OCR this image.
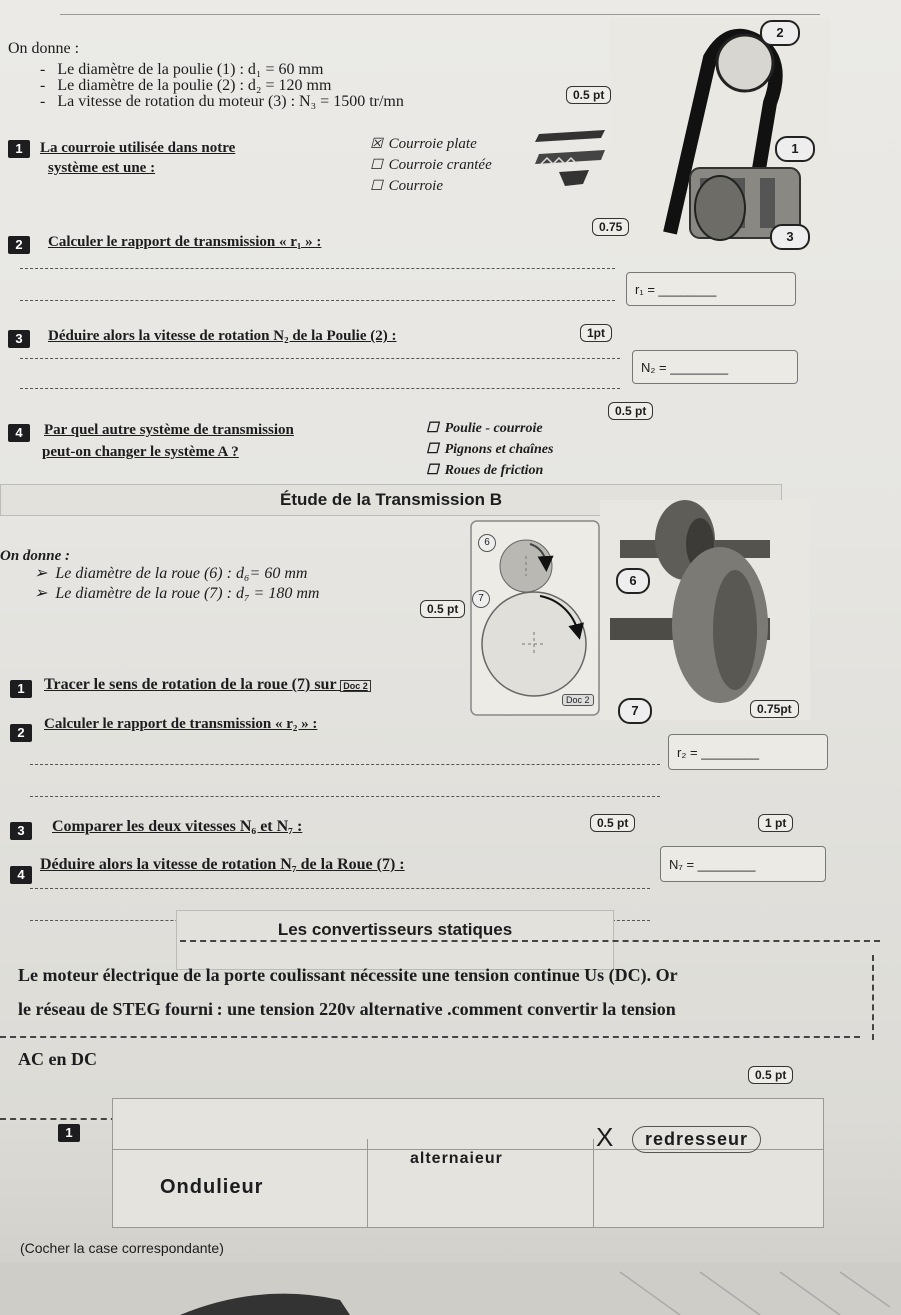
On donne :
-   Le diamètre de la poulie (1) : d₁ = 60 mm
-   Le diamètre de la poulie (2) : d₂ = 120 mm
-   La vitesse de rotation du moteur (3) : N₃ = 1500 tr/mn
2
1
3
0.5 pt
1	La courroie utilisée dans notre
système est une :
☒ Courroie plate
☐ Courroie crantée
☐ Courroie
0.75
2	Calculer le rapport de transmission « r₁ » :
r₁ = ________
1pt
3	Déduire alors la vitesse de rotation N₂ de la Poulie (2) :
N₂ = ________
0.5 pt
4	Par quel autre système de transmission
peut-on changer le système A ?
☐ Poulie - courroie
☐ Pignons et chaînes
☐ Roues de friction
Étude de la Transmission B
On donne :
➢  Le diamètre de la roue (6) : d₆= 60 mm
➢  Le diamètre de la roue (7) : d₇ = 180 mm
6
7
0.5 pt
Doc 2
6
7
1	Tracer le sens de rotation de la roue (7) sur Doc 2
0.75pt
2
Calculer le rapport de transmission « r₂ » :
r₂ = ________
0.5 pt	1 pt
3	Comparer les deux vitesses N₆ et N₇ :
4
Déduire alors la vitesse de rotation N₇ de la Roue (7) :	N₇ = ________
Les convertisseurs statiques
Le moteur électrique de la porte coulissant nécessite une tension continue Us (DC). Or
le réseau de STEG fourni : une tension 220v alternative .comment convertir la tension
AC en DC
0.5 pt
1
Ondulieur
alternaieur
X	redresseur
(Cocher la case correspondante)
